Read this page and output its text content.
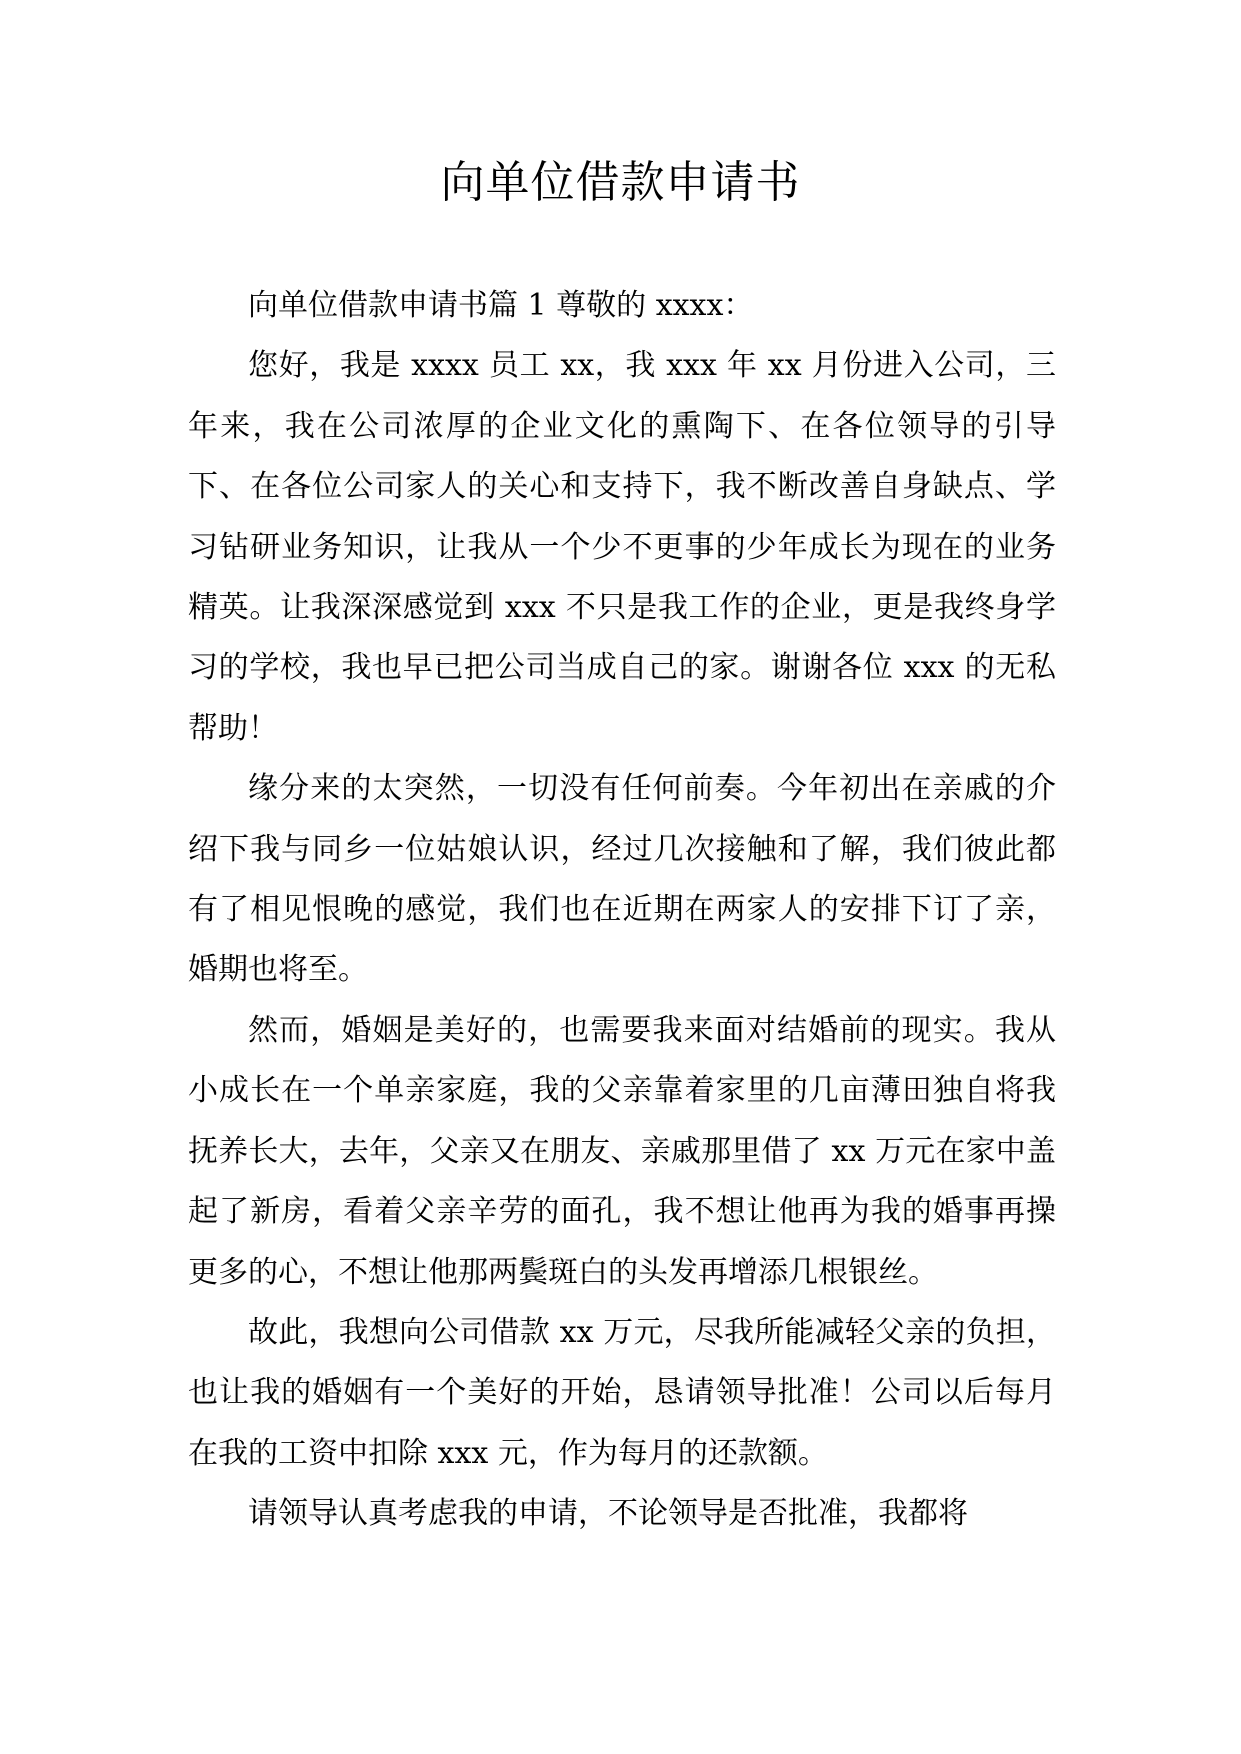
向单位借款申请书

向单位借款申请书篇 1 尊敬的 xxxx：

您好，我是 xxxx 员工 xx，我 xxx 年 xx 月份进入公司，三年来，我在公司浓厚的企业文化的熏陶下、在各位领导的引导下、在各位公司家人的关心和支持下，我不断改善自身缺点、学习钻研业务知识，让我从一个少不更事的少年成长为现在的业务精英。让我深深感觉到 xxx 不只是我工作的企业，更是我终身学习的学校，我也早已把公司当成自己的家。谢谢各位 xxx 的无私帮助！

缘分来的太突然，一切没有任何前奏。今年初出在亲戚的介绍下我与同乡一位姑娘认识，经过几次接触和了解，我们彼此都有了相见恨晚的感觉，我们也在近期在两家人的安排下订了亲，婚期也将至。

然而，婚姻是美好的，也需要我来面对结婚前的现实。我从小成长在一个单亲家庭，我的父亲靠着家里的几亩薄田独自将我抚养长大，去年，父亲又在朋友、亲戚那里借了 xx 万元在家中盖起了新房，看着父亲辛劳的面孔，我不想让他再为我的婚事再操更多的心，不想让他那两鬓斑白的头发再增添几根银丝。

故此，我想向公司借款 xx 万元，尽我所能减轻父亲的负担，也让我的婚姻有一个美好的开始，恳请领导批准！公司以后每月在我的工资中扣除 xxx 元，作为每月的还款额。

请领导认真考虑我的申请，不论领导是否批准，我都将
